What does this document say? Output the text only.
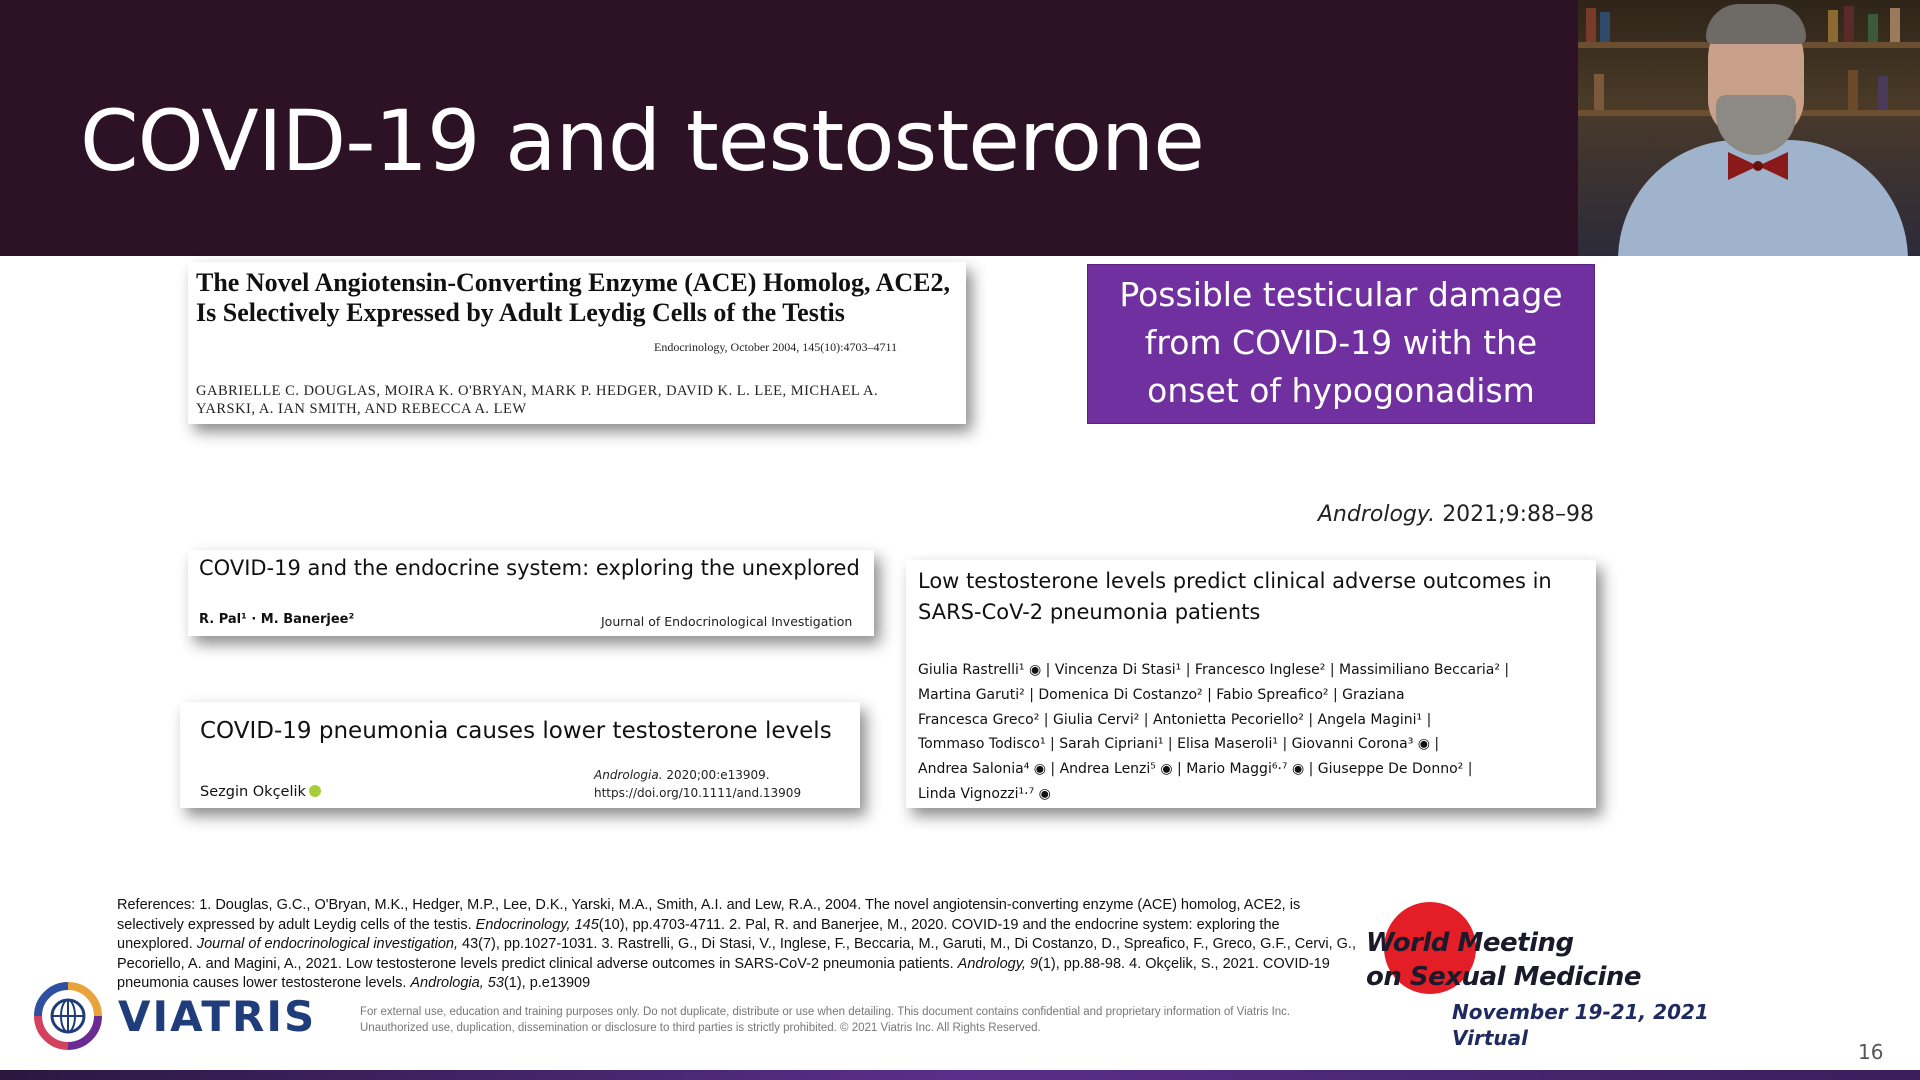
COVID-19 and testosterone
The Novel Angiotensin-Converting Enzyme (ACE) Homolog, ACE2, Is Selectively Expressed by Adult Leydig Cells of the Testis
Endocrinology, October 2004, 145(10):4703–4711
GABRIELLE C. DOUGLAS, MOIRA K. O'BRYAN, MARK P. HEDGER, DAVID K. L. LEE, MICHAEL A. YARSKI, A. IAN SMITH, AND REBECCA A. LEW
Possible testicular damage
from COVID-19 with the
onset of hypogonadism
Andrology. 2021;9:88–98
COVID-19 and the endocrine system: exploring the unexplored
R. Pal¹ · M. Banerjee²	Journal of Endocrinological Investigation
COVID-19 pneumonia causes lower testosterone levels
Sezgin Okçelik
Andrologia. 2020;00:e13909.
https://doi.org/10.1111/and.13909
Low testosterone levels predict clinical adverse outcomes in SARS-CoV-2 pneumonia patients
Giulia Rastrelli¹ ◉ | Vincenza Di Stasi¹ | Francesco Inglese² | Massimiliano Beccaria² |
Martina Garuti² | Domenica Di Costanzo² | Fabio Spreafico² | Graziana
Francesca Greco² | Giulia Cervi² | Antonietta Pecoriello² | Angela Magini¹ |
Tommaso Todisco¹ | Sarah Cipriani¹ | Elisa Maseroli¹ | Giovanni Corona³ ◉ |
Andrea Salonia⁴ ◉ | Andrea Lenzi⁵ ◉ | Mario Maggi⁶·⁷ ◉ | Giuseppe De Donno² |
Linda Vignozzi¹·⁷ ◉
References: 1. Douglas, G.C., O'Bryan, M.K., Hedger, M.P., Lee, D.K., Yarski, M.A., Smith, A.I. and Lew, R.A., 2004. The novel angiotensin-converting enzyme (ACE) homolog, ACE2, is selectively expressed by adult Leydig cells of the testis. Endocrinology, 145(10), pp.4703-4711. 2. Pal, R. and Banerjee, M., 2020. COVID-19 and the endocrine system: exploring the unexplored. Journal of endocrinological investigation, 43(7), pp.1027-1031. 3. Rastrelli, G., Di Stasi, V., Inglese, F., Beccaria, M., Garuti, M., Di Costanzo, D., Spreafico, F., Greco, G.F., Cervi, G., Pecoriello, A. and Magini, A., 2021. Low testosterone levels predict clinical adverse outcomes in SARS-CoV-2 pneumonia patients. Andrology, 9(1), pp.88-98. 4. Okçelik, S., 2021. COVID-19 pneumonia causes lower testosterone levels. Andrologia, 53(1), p.e13909
VIATRIS	For external use, education and training purposes only. Do not duplicate, distribute or use when detailing. This document contains confidential and proprietary information of Viatris Inc. Unauthorized use, duplication, dissemination or disclosure to third parties is strictly prohibited. © 2021 Viatris Inc. All Rights Reserved.
World Meeting
on Sexual Medicine
November 19-21, 2021
Virtual
16
